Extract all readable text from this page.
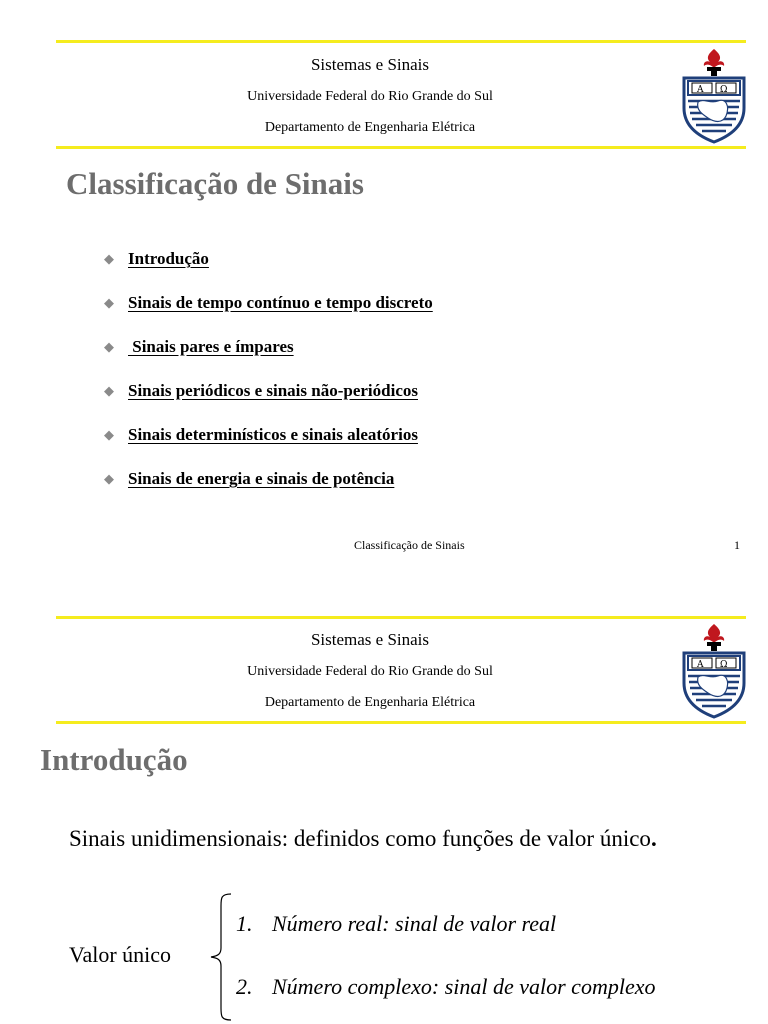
Sistemas e Sinais
Universidade Federal do Rio Grande do Sul
Departamento de Engenharia Elétrica
A Ω
Classificação de Sinais
◆ Introdução
◆ Sinais de tempo contínuo e tempo discreto
◆ Sinais pares e ímpares
◆ Sinais periódicos e sinais não-periódicos
◆ Sinais determinísticos e sinais aleatórios
◆ Sinais de energia e sinais de potência
Classificação de Sinais	1
Sistemas e Sinais
Universidade Federal do Rio Grande do Sul
Departamento de Engenharia Elétrica
A Ω
Introdução
Sinais unidimensionais: definidos como funções de valor único.
Valor único
1. Número real: sinal de valor real
2. Número complexo: sinal de valor complexo
